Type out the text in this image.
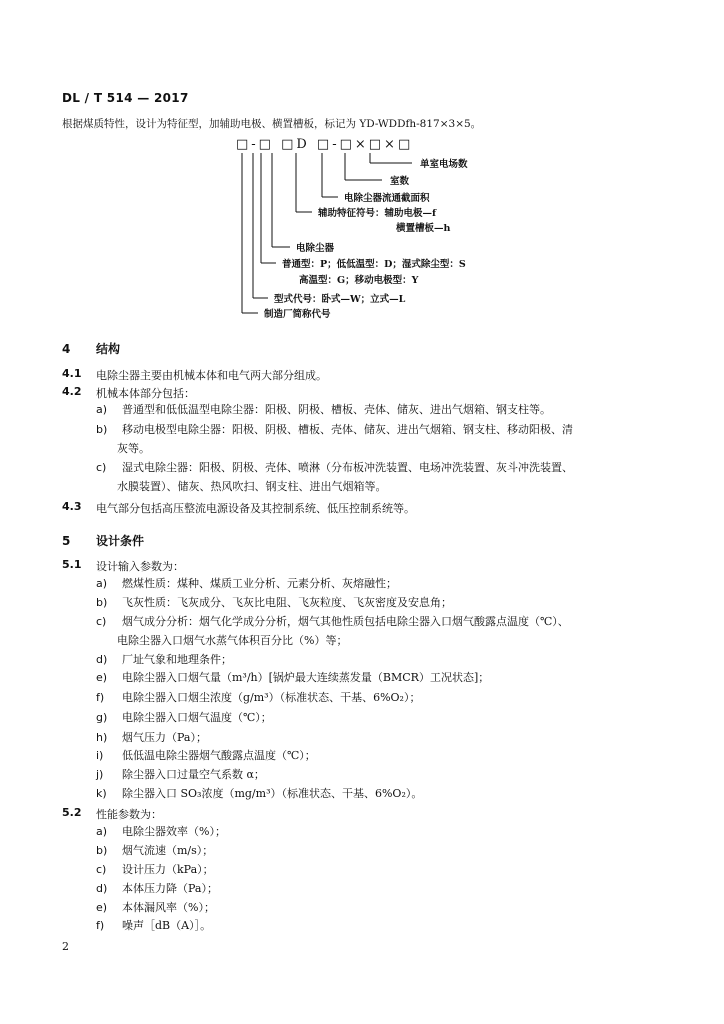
DL / T 514 — 2017
根据煤质特性，设计为特征型，加辅助电极、横置槽板，标记为 YD-WDDfh-817×3×5。
□-□ □D □-□×□×□
单室电场数
室数
电除尘器流通截面积
辅助特征符号：辅助电极—f
横置槽板—h
电除尘器
普通型：P；低低温型：D；湿式除尘型：S
高温型：G；移动电极型：Y
型式代号：卧式—W；立式—L
制造厂简称代号
4 结构
4.1 电除尘器主要由机械本体和电气两大部分组成。
4.2 机械本体部分包括：
a) 普通型和低低温型电除尘器：阳极、阴极、槽板、壳体、储灰、进出气烟箱、钢支柱等。
b) 移动电极型电除尘器：阳极、阴极、槽板、壳体、储灰、进出气烟箱、钢支柱、移动阳极、清
灰等。
c) 湿式电除尘器：阳极、阴极、壳体、喷淋（分布板冲洗装置、电场冲洗装置、灰斗冲洗装置、
水膜装置）、储灰、热风吹扫、钢支柱、进出气烟箱等。
4.3 电气部分包括高压整流电源设备及其控制系统、低压控制系统等。
5 设计条件
5.1 设计输入参数为：
a) 燃煤性质：煤种、煤质工业分析、元素分析、灰熔融性；
b) 飞灰性质：飞灰成分、飞灰比电阻、飞灰粒度、飞灰密度及安息角；
c) 烟气成分分析：烟气化学成分分析，烟气其他性质包括电除尘器入口烟气酸露点温度（℃）、
电除尘器入口烟气水蒸气体积百分比（%）等；
d) 厂址气象和地理条件；
e) 电除尘器入口烟气量（m³/h）[锅炉最大连续蒸发量（BMCR）工况状态]；
f) 电除尘器入口烟尘浓度（g/m³）（标准状态、干基、6%O₂）；
g) 电除尘器入口烟气温度（℃）；
h) 烟气压力（Pa）；
i) 低低温电除尘器烟气酸露点温度（℃）；
j) 除尘器入口过量空气系数 α；
k) 除尘器入口 SO₃浓度（mg/m³）（标准状态、干基、6%O₂）。
5.2 性能参数为：
a) 电除尘器效率（%）；
b) 烟气流速（m/s）；
c) 设计压力（kPa）；
d) 本体压力降（Pa）；
e) 本体漏风率（%）；
f) 噪声［dB（A）］。
2
